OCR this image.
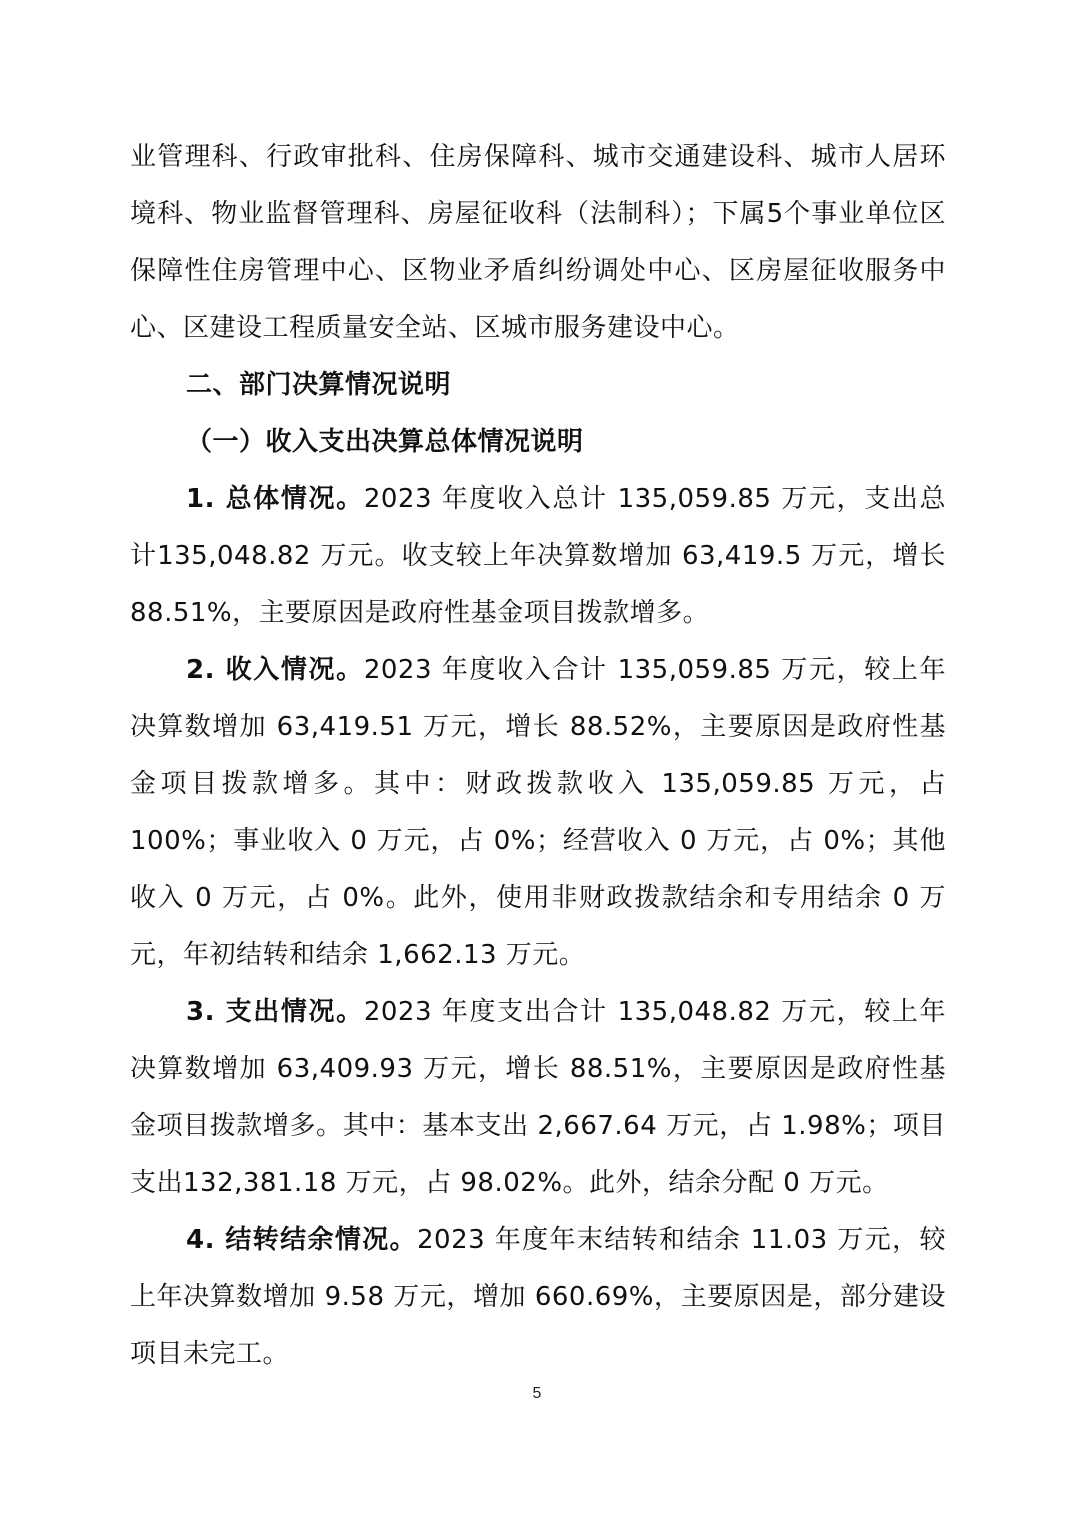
业管理科、行政审批科、住房保障科、城市交通建设科、城市人居环境科、物业监督管理科、房屋征收科（法制科）；下属5个事业单位区保障性住房管理中心、区物业矛盾纠纷调处中心、区房屋征收服务中心、区建设工程质量安全站、区城市服务建设中心。

二、部门决算情况说明

（一）收入支出决算总体情况说明

1. 总体情况。2023 年度收入总计 135,059.85 万元，支出总计135,048.82 万元。收支较上年决算数增加 63,419.5 万元，增长88.51%，主要原因是政府性基金项目拨款增多。

2. 收入情况。2023 年度收入合计 135,059.85 万元，较上年决算数增加 63,419.51 万元，增长 88.52%，主要原因是政府性基金项目拨款增多。其中：财政拨款收入 135,059.85 万元，占 100%；事业收入 0 万元，占 0%；经营收入 0 万元，占 0%；其他收入 0 万元，占 0%。此外，使用非财政拨款结余和专用结余 0 万元，年初结转和结余 1,662.13 万元。

3. 支出情况。2023 年度支出合计 135,048.82 万元，较上年决算数增加 63,409.93 万元，增长 88.51%，主要原因是政府性基金项目拨款增多。其中：基本支出 2,667.64 万元，占 1.98%；项目支出132,381.18 万元，占 98.02%。此外，结余分配 0 万元。

4. 结转结余情况。2023 年度年末结转和结余 11.03 万元，较上年决算数增加 9.58 万元，增加 660.69%，主要原因是，部分建设项目未完工。

5
